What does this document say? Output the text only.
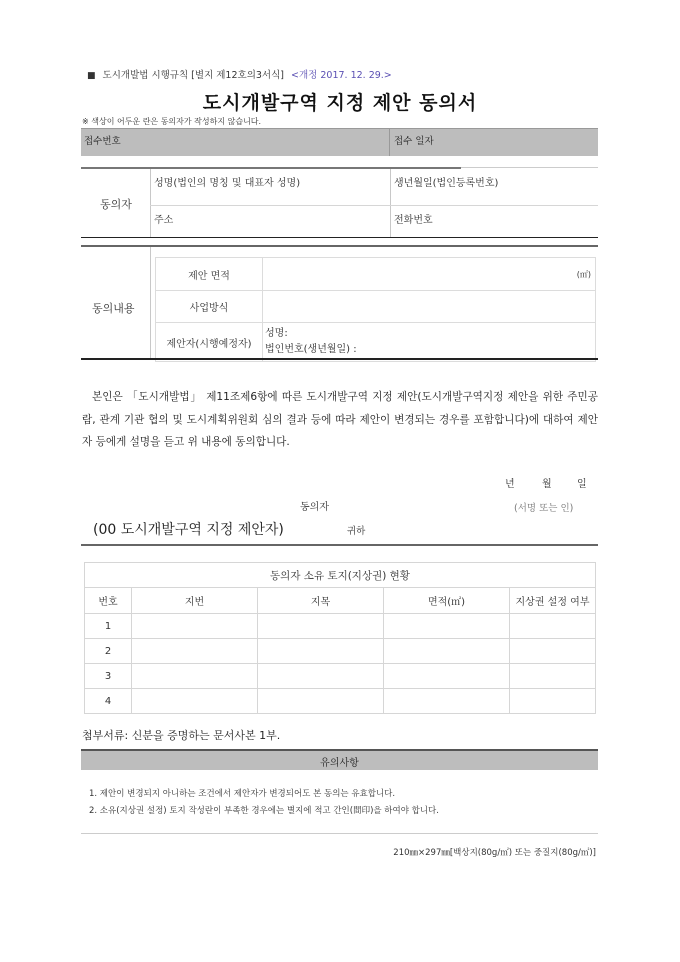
■ 도시개발법 시행규칙 [별지 제12호의3서식] <개정 2017. 12. 29.>
도시개발구역 지정 제안 동의서
※ 색상이 어두운 란은 동의자가 작성하지 않습니다.
접수번호	접수 일자
동의자
성명(법인의 명칭 및 대표자 성명)	생년월일(법인등록번호)
주소	전화번호
동의내용
제안 면적	(㎡)
사업방식	
제안자(시행예정자)	성명:
법인번호(생년월일) :
본인은 「도시개발법」 제11조제6항에 따른 도시개발구역 지정 제안(도시개발구역지정 제안을 위한 주민공람, 관계 기관 협의 및 도시계획위원회 심의 결과 등에 따라 제안이 변경되는 경우를 포함합니다)에 대하여 제안자 등에게 설명을 듣고 위 내용에 동의합니다.
년	월	일
동의자	(서명 또는 인)
(00 도시개발구역 지정 제안자)	귀하
동의자 소유 토지(지상권) 현황				
번호	지번	지목	면적(㎡)	지상권 설정 여부
1				
2				
3				
4				
첨부서류: 신분을 증명하는 문서사본 1부.
유의사항
1. 제안이 변경되지 아니하는 조건에서 제안자가 변경되어도 본 동의는 유효합니다.
2. 소유(지상권 설정) 토지 작성란이 부족한 경우에는 별지에 적고 간인(間印)을 하여야 합니다.
210㎜×297㎜[백상지(80g/㎡) 또는 중질지(80g/㎡)]
